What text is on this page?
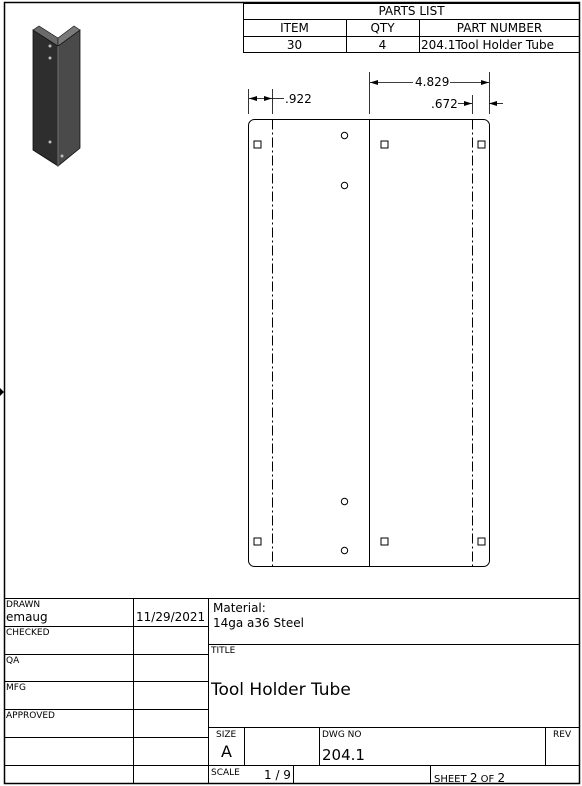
PARTS LIST
ITEM	QTY	PART NUMBER
30	4	204.1Tool Holder Tube
4.829
.922	.672
DRAWN
emaug	11/29/2021
CHECKED
QA
MFG
APPROVED
Material:
14ga a36 Steel
TITLE
Tool Holder Tube
SIZE
A
DWG NO
204.1
REV
SCALE 1 / 9	SHEET 2 OF 2
